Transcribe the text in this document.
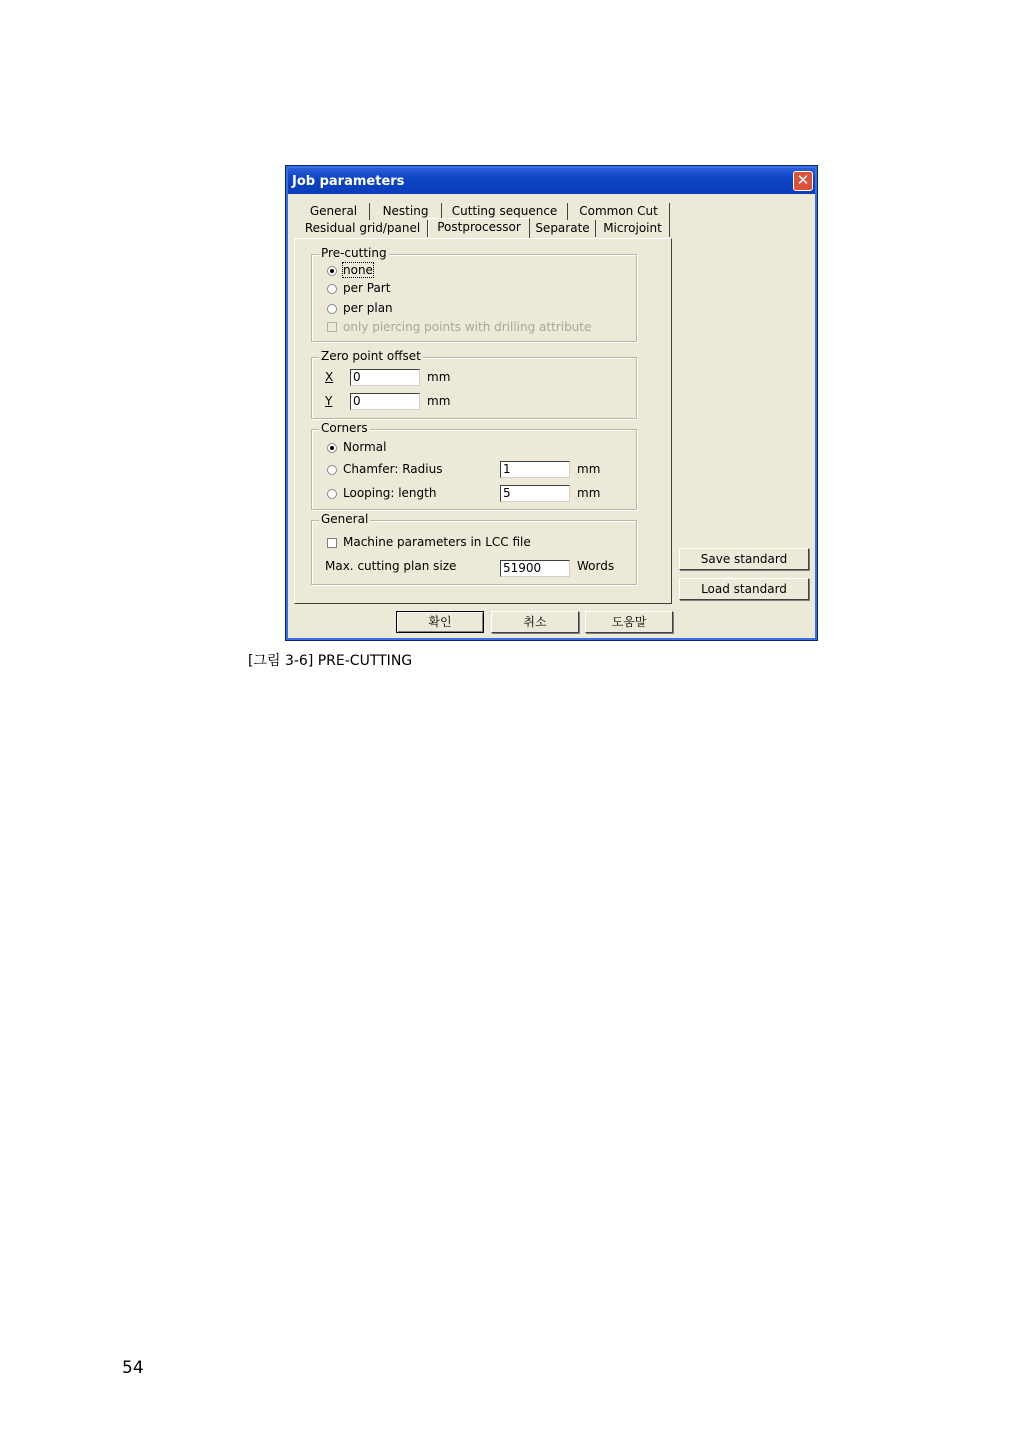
Job parameters	✕
General	Nesting	Cutting sequence	Common Cut
Residual grid/panel	Postprocessor	Separate	Microjoint
Pre-cutting
none
per Part
per plan
only piercing points with drilling attribute
Zero point offset
X 0	mm
Y 0	mm
Corners
Normal
Chamfer: Radius	1	mm
Looping: length	5	mm
General
Machine parameters in LCC file
Max. cutting plan size	51900	Words	Save standard
Load standard
확인	취소	도움말
[그림 3-6] PRE-CUTTING
54
